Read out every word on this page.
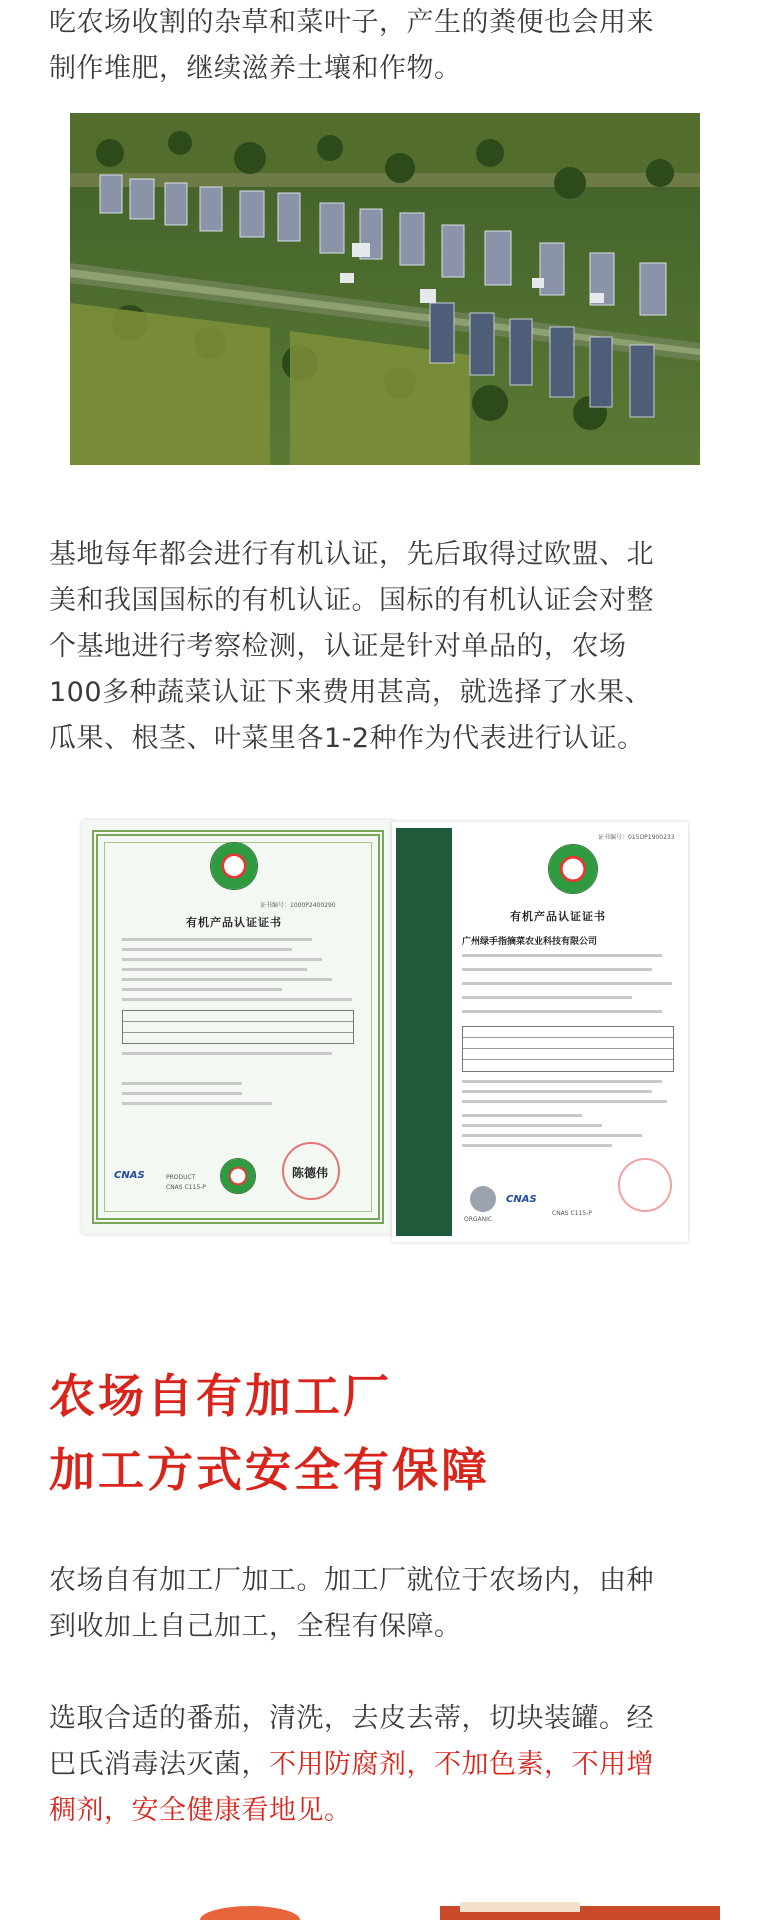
吃农场收割的杂草和菜叶子，产生的粪便也会用来
制作堆肥，继续滋养土壤和作物。

基地每年都会进行有机认证，先后取得过欧盟、北
美和我国国标的有机认证。国标的有机认证会对整
个基地进行考察检测，认证是针对单品的，农场
100多种蔬菜认证下来费用甚高，就选择了水果、
瓜果、根茎、叶菜里各1-2种作为代表进行认证。

证书编号：1000P2400290
有机产品认证证书
CNAS	PRODUCT
CNAS C115-P
陈德伟
证书编号：015OP1900233
有机产品认证证书
广州绿手指摘菜农业科技有限公司
ORGANIC
CNAS
CNAS C115-P
农场自有加工厂
加工方式安全有保障

农场自有加工厂加工。加工厂就位于农场内，由种
到收加上自己加工，全程有保障。

选取合适的番茄，清洗，去皮去蒂，切块装罐。经
巴氏消毒法灭菌，不用防腐剂，不加色素，不用增
稠剂，安全健康看地见。
